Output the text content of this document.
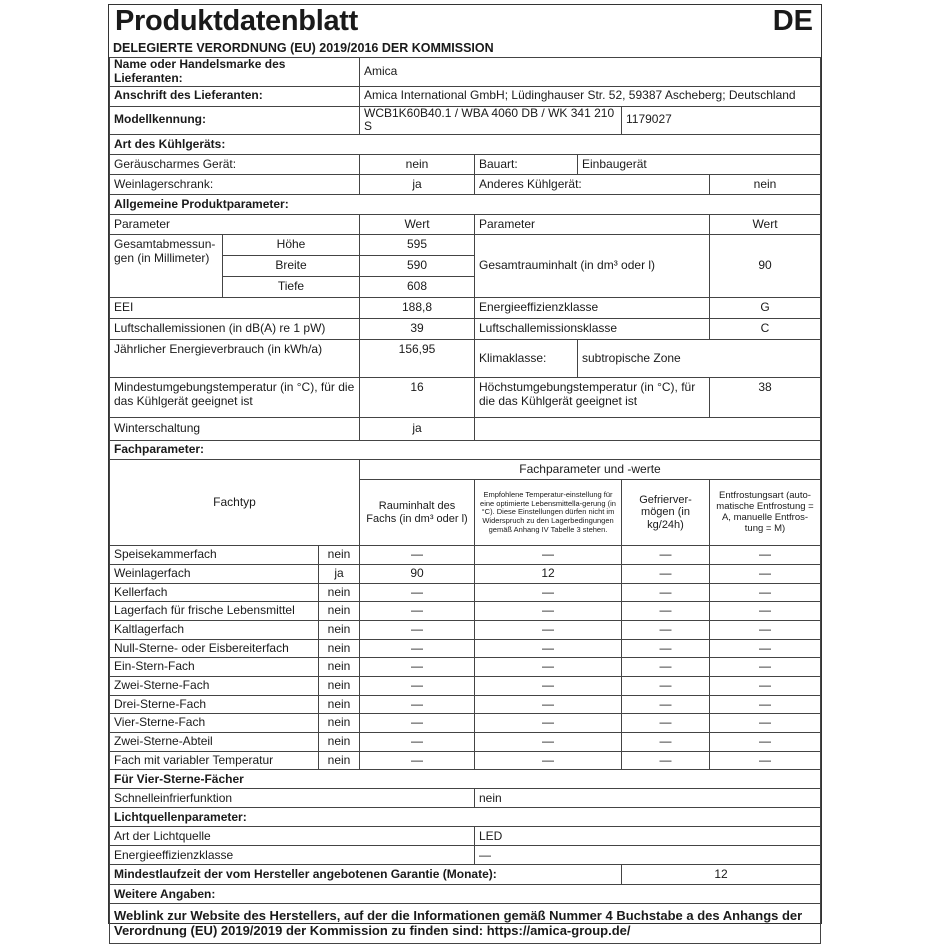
Produktdatenblatt	DE
DELEGIERTE VERORDNUNG (EU) 2019/2016 DER KOMMISSION
Name oder Handelsmarke des Lieferanten:			Amica				
Anschrift des Lieferanten:			Amica International GmbH; Lüdinghauser Str. 52, 59387 Ascheberg; Deutschland				
Modellkennung:			WCB1K60B40.1 / WBA 4060 DB / WK 341 210 S			1179027	
Art des Kühlgeräts:							
Geräuscharmes Gerät:			nein	Bauart:	Einbaugerät		
Weinlagerschrank:			ja	Anderes Kühlgerät:			nein
Allgemeine Produktparameter:							
Parameter			Wert	Parameter			Wert
Gesamtabmessun-gen (in Millimeter)	Höhe		595	Gesamtrauminhalt (in dm³ oder l)			90
	Breite		590				
	Tiefe		608				
EEI			188,8	Energieeffizienzklasse			G
Luftschallemissionen (in dB(A) re 1 pW)			39	Luftschallemissionsklasse			C
Jährlicher Energieverbrauch (in kWh/a)			156,95	Klimaklasse:	subtropische Zone		
Mindestumgebungstemperatur (in °C), für die das Kühlgerät geeignet ist			16	Höchstumgebungstemperatur (in °C), für die das Kühlgerät geeignet ist			38
Winterschaltung			ja				
Fachparameter:							
Fachtyp			Fachparameter und -werte				
			Rauminhalt des Fachs (in dm³ oder l)	Empfohlene Temperatur-einstellung für eine optimierte Lebensmittella-gerung (in °C). Diese Einstellungen dürfen nicht im Widerspruch zu den Lagerbedingungen gemäß Anhang IV Tabelle 3 stehen.		Gefrierver-mögen (in kg/24h)	Entfrostungsart (auto-matische Entfrostung = A, manuelle Entfros-tung = M)
Speisekammerfach		nein	—	—		—	—
Weinlagerfach		ja	90	12		—	—
Kellerfach		nein	—	—		—	—
Lagerfach für frische Lebensmittel		nein	—	—		—	—
Kaltlagerfach		nein	—	—		—	—
Null-Sterne- oder Eisbereiterfach		nein	—	—		—	—
Ein-Stern-Fach		nein	—	—		—	—
Zwei-Sterne-Fach		nein	—	—		—	—
Drei-Sterne-Fach		nein	—	—		—	—
Vier-Sterne-Fach		nein	—	—		—	—
Zwei-Sterne-Abteil		nein	—	—		—	—
Fach mit variabler Temperatur		nein	—	—		—	—
Für Vier-Sterne-Fächer							
Schnelleinfrierfunktion				nein			
Lichtquellenparameter:							
Art der Lichtquelle				LED			
Energieeffizienzklasse				—			
Mindestlaufzeit der vom Hersteller angebotenen Garantie (Monate):						12	
Weitere Angaben:							
Weblink zur Website des Herstellers, auf der die Informationen gemäß Nummer 4 Buchstabe a des Anhangs der Verordnung (EU) 2019/2019 der Kommission zu finden sind: https://amica-group.de/							
